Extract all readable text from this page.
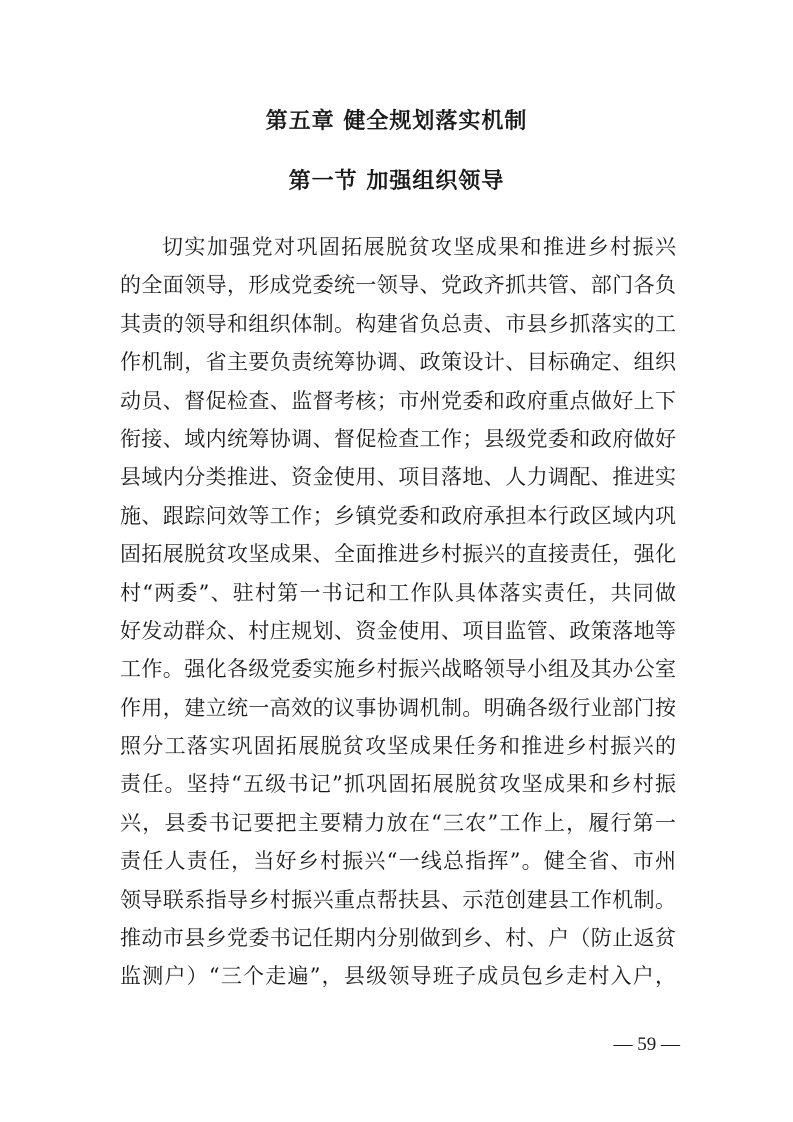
第五章 健全规划落实机制
第一节 加强组织领导
切实加强党对巩固拓展脱贫攻坚成果和推进乡村振兴
的全面领导，形成党委统一领导、党政齐抓共管、部门各负
其责的领导和组织体制。构建省负总责、市县乡抓落实的工
作机制，省主要负责统筹协调、政策设计、目标确定、组织
动员、督促检查、监督考核；市州党委和政府重点做好上下
衔接、域内统筹协调、督促检查工作；县级党委和政府做好
县域内分类推进、资金使用、项目落地、人力调配、推进实
施、跟踪问效等工作；乡镇党委和政府承担本行政区域内巩
固拓展脱贫攻坚成果、全面推进乡村振兴的直接责任，强化
村“两委”、驻村第一书记和工作队具体落实责任，共同做
好发动群众、村庄规划、资金使用、项目监管、政策落地等
工作。强化各级党委实施乡村振兴战略领导小组及其办公室
作用，建立统一高效的议事协调机制。明确各级行业部门按
照分工落实巩固拓展脱贫攻坚成果任务和推进乡村振兴的
责任。坚持“五级书记”抓巩固拓展脱贫攻坚成果和乡村振
兴，县委书记要把主要精力放在“三农”工作上，履行第一
责任人责任，当好乡村振兴“一线总指挥”。健全省、市州
领导联系指导乡村振兴重点帮扶县、示范创建县工作机制。
推动市县乡党委书记任期内分别做到乡、村、户（防止返贫
监测户）“三个走遍”，县级领导班子成员包乡走村入户，
— 59 —
